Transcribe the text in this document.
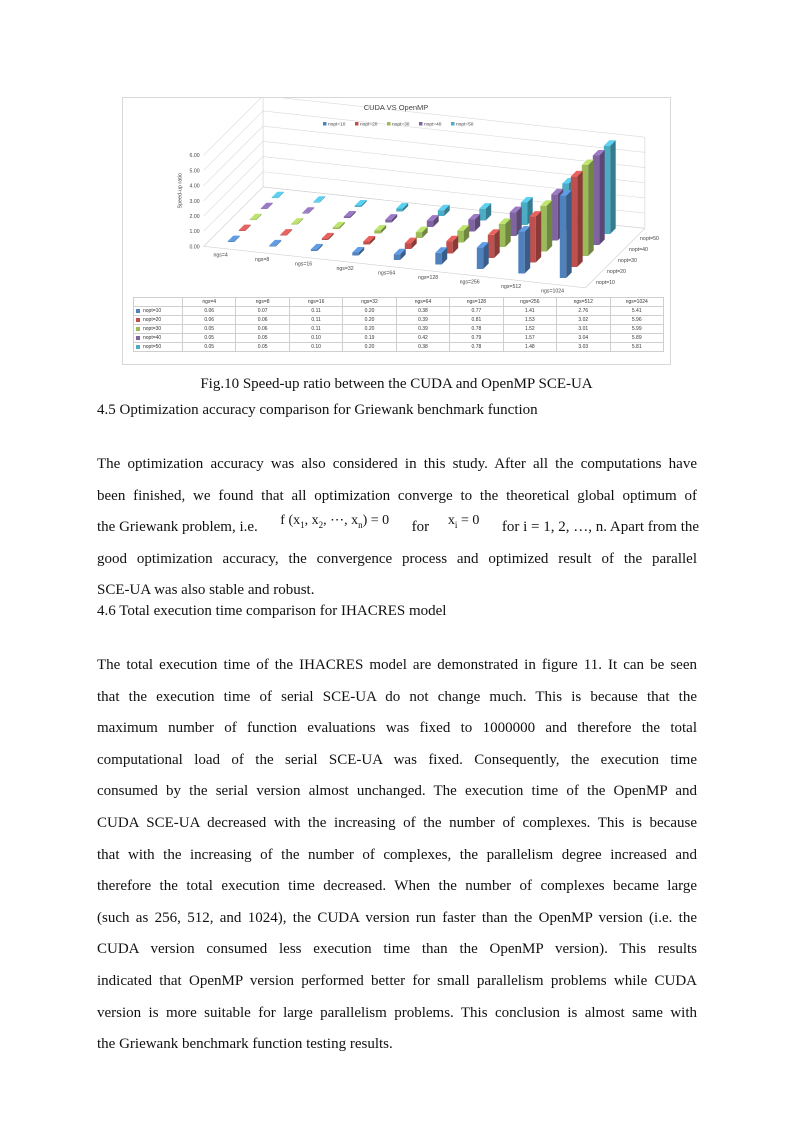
0.00
1.00
2.00
3.00
4.00
5.00
6.00
Speed-up ratio
ngs=4
ngs=8
ngs=16
ngs=32
ngs=64
ngs=128
ngs=256
ngs=512
ngs=1024
nopt=10
nopt=20
nopt=30
nopt=40
nopt=50
CUDA VS OpenMP
nopt=10	nopt=20	nopt=30	nopt=40	nopt=50
	ngs=4	ngs=8	ngs=16	ngs=32	ngs=64	ngs=128	ngs=256	ngs=512	ngs=1024
nopt=10	0.06	0.07	0.11	0.20	0.38	0.77	1.41	2.76	5.41
nopt=20	0.06	0.06	0.11	0.20	0.39	0.81	1.53	3.02	5.96
nopt=30	0.05	0.06	0.11	0.20	0.39	0.78	1.52	3.01	5.99
nopt=40	0.05	0.05	0.10	0.19	0.42	0.79	1.57	3.04	5.89
nopt=50	0.05	0.05	0.10	0.20	0.38	0.78	1.48	3.03	5.81
Fig.10 Speed-up ratio between the CUDA and OpenMP SCE-UA
4.5 Optimization accuracy comparison for Griewank benchmark function
The optimization accuracy was also considered in this study. After all the computations have
been finished, we found that all optimization converge to the theoretical global optimum of
the Griewank problem, i.e. f ($x_1$, $x_2$, ⋯, $x_n) = 0$ for $x_i = 0$ for i = 1, 2, …, n. Apart from the
good optimization accuracy, the convergence process and optimized result of the parallel
SCE-UA was also stable and robust.
4.6 Total execution time comparison for IHACRES model
The total execution time of the IHACRES model are demonstrated in figure 11. It can be seen
that the execution time of serial SCE-UA do not change much. This is because that the
maximum number of function evaluations was fixed to 1000000 and therefore the total
computational load of the serial SCE-UA was fixed. Consequently, the execution time
consumed by the serial version almost unchanged. The execution time of the OpenMP and
CUDA SCE-UA decreased with the increasing of the number of complexes. This is because
that with the increasing of the number of complexes, the parallelism degree increased and
therefore the total execution time decreased. When the number of complexes became large
(such as 256, 512, and 1024), the CUDA version run faster than the OpenMP version (i.e. the
CUDA version consumed less execution time than the OpenMP version). This results
indicated that OpenMP version performed better for small parallelism problems while CUDA
version is more suitable for large parallelism problems. This conclusion is almost same with
the Griewank benchmark function testing results.
